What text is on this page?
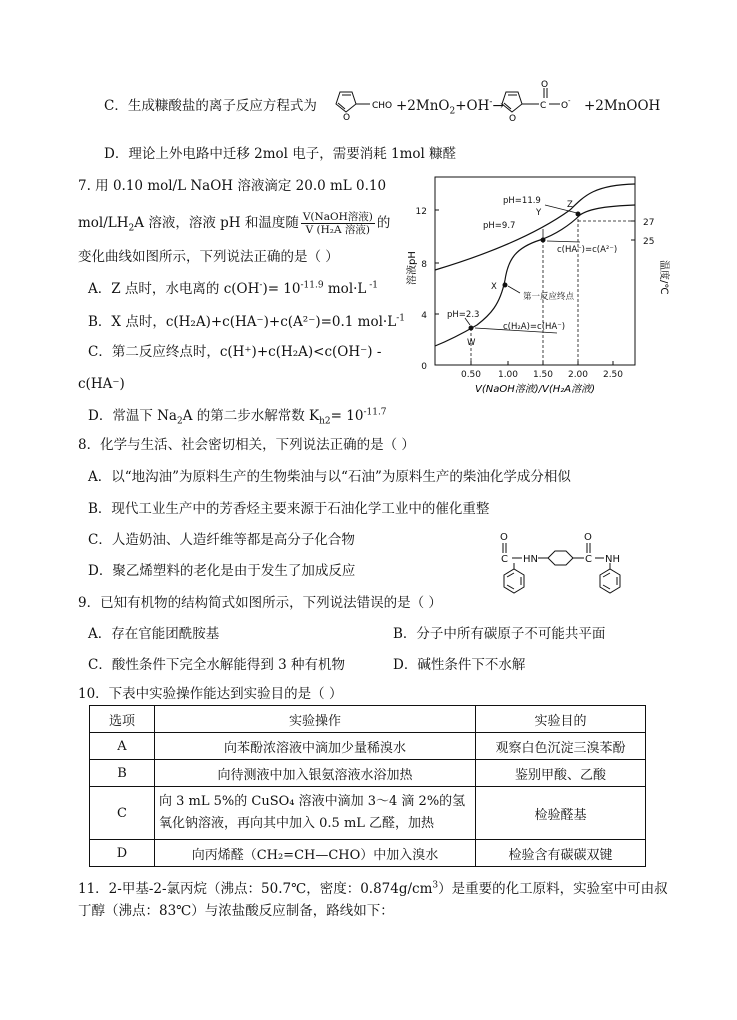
C．生成糠酸盐的离子反应方程式为
O
CHO +2MnO$_2$+OH-→
O
C
O
O - +2MnOOH
D．理论上外电路中迁移 2mol 电子，需要消耗 1mol 糠醛
7. 用 0.10 mol/L NaOH 溶液滴定 20.0 mL 0.10
mol/$LH_2A$ 溶液，溶液 pH 和温度随 $\frac{\text{V(NaOH溶液)}}{\text{V (H₂A 溶液)}}$ 的
变化曲线如图所示，下列说法正确的是（ ）
A．Z 点时，水电离的 $c(OH^-)= 10^{-11.9}$ mol·L $^{-1}$
B．X 点时，c(H₂A)+c(HA⁻)+c(A²⁻)=0.1 $mol\cdot L^{-1}$
C．第二反应终点时，c(H⁺)+c(H₂A)<c(OH⁻) -
c(HA⁻)
D．常温下 $Na_2A$ 的第二步水解常数 $K_{h2}= 10^{-11.7}$
0
4
8
12
27
25
0.50 1.00 1.50 2.00 2.50
pH=11.9	Z
Y
pH=9.7
c(HA⁻)=c(A²⁻)
X
第一反应终点
pH=2.3
c(H₂A)=c(HA⁻)
W
溶液pH	温度/℃
V(NaOH溶液)/V(H₂A溶液)
8．化学与生活、社会密切相关，下列说法正确的是（ ）
A．以“地沟油”为原料生产的生物柴油与以“石油”为原料生产的柴油化学成分相似
B．现代工业生产中的芳香烃主要来源于石油化学工业中的催化重整
C．人造奶油、人造纤维等都是高分子化合物
D．聚乙烯塑料的老化是由于发生了加成反应
O
C HN
O
C NH
9．已知有机物的结构简式如图所示，下列说法错误的是（ ）
A．存在官能团酰胺基	B．分子中所有碳原子不可能共平面
C．酸性条件下完全水解能得到 3 种有机物	D．碱性条件下不水解
10．下表中实验操作能达到实验目的是（ ）
选项	实验操作	实验目的
A	向苯酚浓溶液中滴加少量稀溴水	观察白色沉淀三溴苯酚
B	向待测液中加入银氨溶液水浴加热	鉴别甲酸、乙酸
C	向 3 mL 5%的 CuSO₄ 溶液中滴加 3～4 滴 2%的氢氧化钠溶液，再向其中加入 0.5 mL 乙醛，加热	检验醛基
D	向丙烯醛（CH₂=CH—CHO）中加入溴水	检验含有碳碳双键
11．2-甲基-2-氯丙烷（沸点：50.7℃，密度：$0.874g/cm^3$）是重要的化工原料，实验室中可由叔
丁醇（沸点：83℃）与浓盐酸反应制备，路线如下：
